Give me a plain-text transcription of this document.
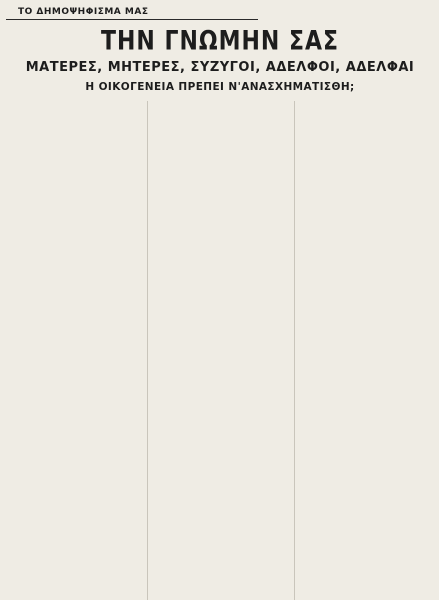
ΤΟ ΔΗΜΟΨΗΦΙΣΜΑ ΜΑΣ
ΤΗΝ ΓΝΩΜΗΝ ΣΑΣ
ΜΑΤΕΡΕΣ, ΜΗΤΕΡΕΣ, ΣΥΖΥΓΟΙ, ΑΔΕΛΦΟΙ, ΑΔΕΛΦΑΙ
Η ΟΙΚΟΓΕΝΕΙΑ ΠΡΕΠΕΙ Ν'ΑΝΑΣΧΗΜΑΤΙΣΘΗ;
